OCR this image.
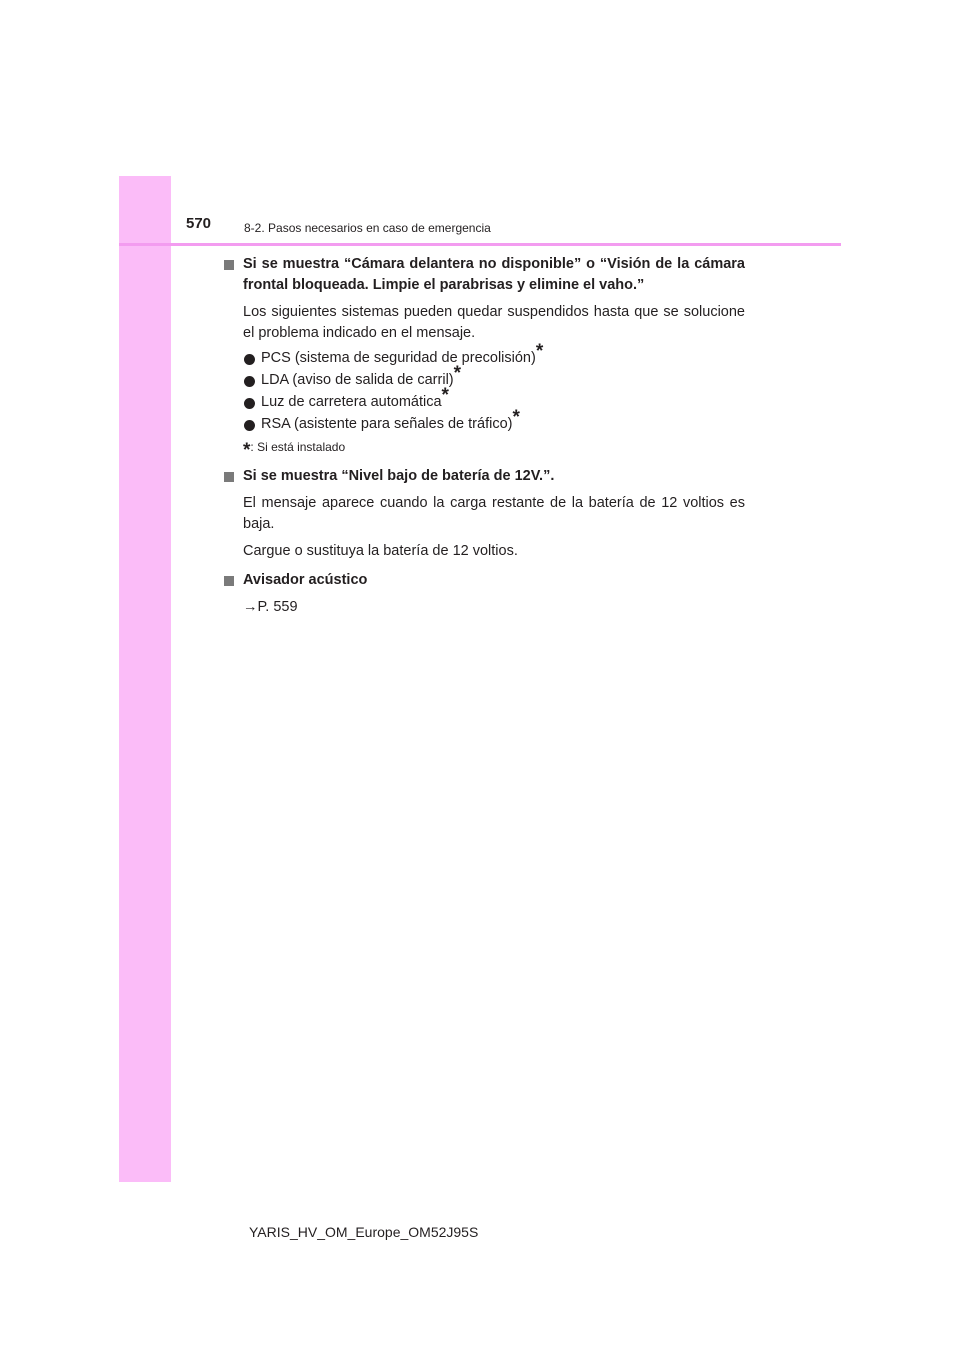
570	8-2. Pasos necesarios en caso de emergencia
Si se muestra “Cámara delantera no disponible” o “Visión de la cámara frontal bloqueada. Limpie el parabrisas y elimine el vaho.”
Los siguientes sistemas pueden quedar suspendidos hasta que se solucione el problema indicado en el mensaje.
PCS (sistema de seguridad de precolisión)*
LDA (aviso de salida de carril)*
Luz de carretera automática*
RSA (asistente para señales de tráfico)*
*: Si está instalado
Si se muestra “Nivel bajo de batería de 12V.”.
El mensaje aparece cuando la carga restante de la batería de 12 voltios es baja.
Cargue o sustituya la batería de 12 voltios.
Avisador acústico
→P. 559
YARIS_HV_OM_Europe_OM52J95S
